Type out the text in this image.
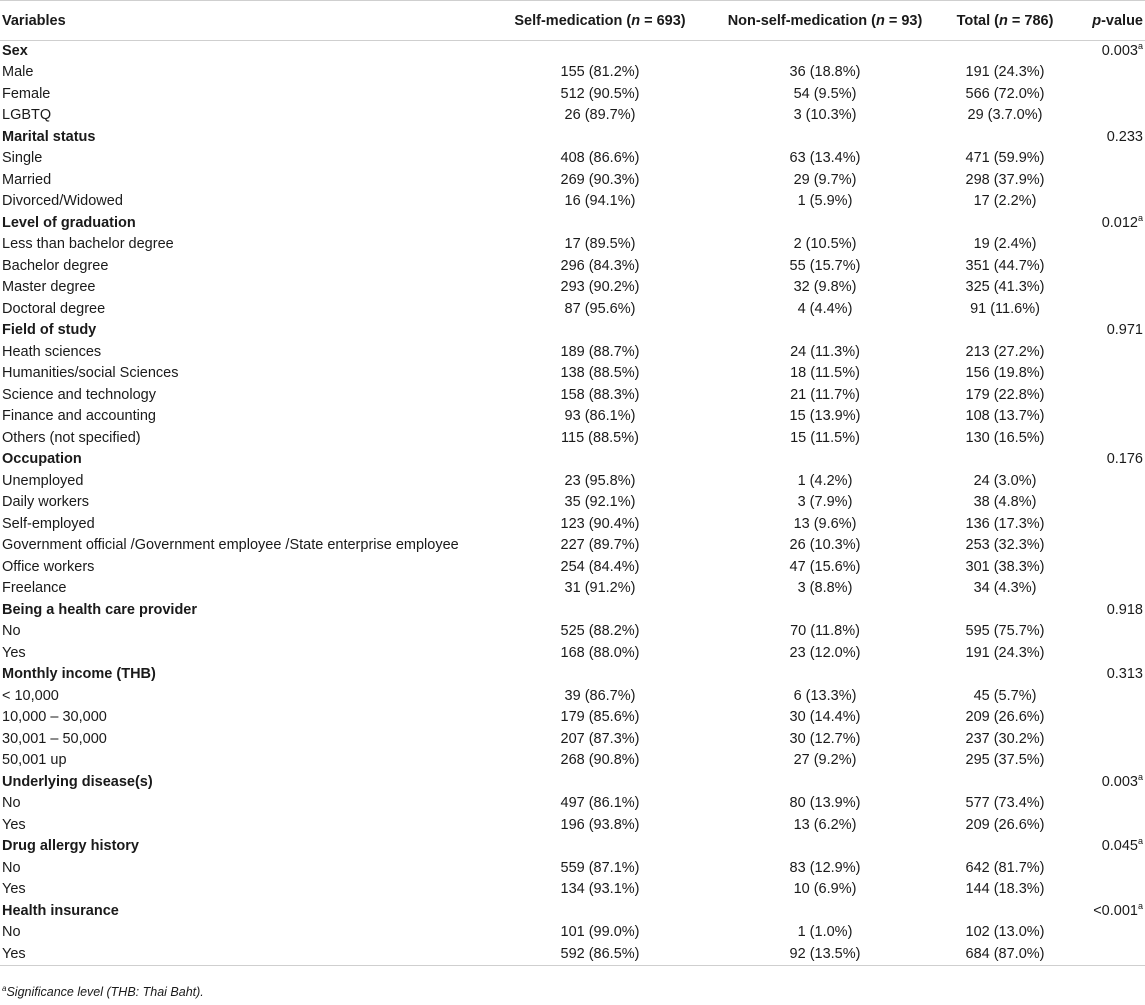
Variables	Self-medication (n = 693)	Non-self-medication (n = 93)	Total (n = 786)	p-value
Sex				0.003$^a$
Male	155 (81.2%)	36 (18.8%)	191 (24.3%)	
Female	512 (90.5%)	54 (9.5%)	566 (72.0%)	
LGBTQ	26 (89.7%)	3 (10.3%)	29 (3.7.0%)	
Marital status				0.233
Single	408 (86.6%)	63 (13.4%)	471 (59.9%)	
Married	269 (90.3%)	29 (9.7%)	298 (37.9%)	
Divorced/Widowed	16 (94.1%)	1 (5.9%)	17 (2.2%)	
Level of graduation				0.012$^a$
Less than bachelor degree	17 (89.5%)	2 (10.5%)	19 (2.4%)	
Bachelor degree	296 (84.3%)	55 (15.7%)	351 (44.7%)	
Master degree	293 (90.2%)	32 (9.8%)	325 (41.3%)	
Doctoral degree	87 (95.6%)	4 (4.4%)	91 (11.6%)	
Field of study				0.971
Heath sciences	189 (88.7%)	24 (11.3%)	213 (27.2%)	
Humanities/social Sciences	138 (88.5%)	18 (11.5%)	156 (19.8%)	
Science and technology	158 (88.3%)	21 (11.7%)	179 (22.8%)	
Finance and accounting	93 (86.1%)	15 (13.9%)	108 (13.7%)	
Others (not specified)	115 (88.5%)	15 (11.5%)	130 (16.5%)	
Occupation				0.176
Unemployed	23 (95.8%)	1 (4.2%)	24 (3.0%)	
Daily workers	35 (92.1%)	3 (7.9%)	38 (4.8%)	
Self-employed	123 (90.4%)	13 (9.6%)	136 (17.3%)	
Government official /Government employee /State enterprise employee	227 (89.7%)	26 (10.3%)	253 (32.3%)	
Office workers	254 (84.4%)	47 (15.6%)	301 (38.3%)	
Freelance	31 (91.2%)	3 (8.8%)	34 (4.3%)	
Being a health care provider				0.918
No	525 (88.2%)	70 (11.8%)	595 (75.7%)	
Yes	168 (88.0%)	23 (12.0%)	191 (24.3%)	
Monthly income (THB)				0.313
< 10,000	39 (86.7%)	6 (13.3%)	45 (5.7%)	
10,000 – 30,000	179 (85.6%)	30 (14.4%)	209 (26.6%)	
30,001 – 50,000	207 (87.3%)	30 (12.7%)	237 (30.2%)	
50,001 up	268 (90.8%)	27 (9.2%)	295 (37.5%)	
Underlying disease(s)				0.003$^a$
No	497 (86.1%)	80 (13.9%)	577 (73.4%)	
Yes	196 (93.8%)	13 (6.2%)	209 (26.6%)	
Drug allergy history				0.045$^a$
No	559 (87.1%)	83 (12.9%)	642 (81.7%)	
Yes	134 (93.1%)	10 (6.9%)	144 (18.3%)	
Health insurance				<0.001$^a$
No	101 (99.0%)	1 (1.0%)	102 (13.0%)	
Yes	592 (86.5%)	92 (13.5%)	684 (87.0%)	
$^a$Significance level (THB: Thai Baht).
